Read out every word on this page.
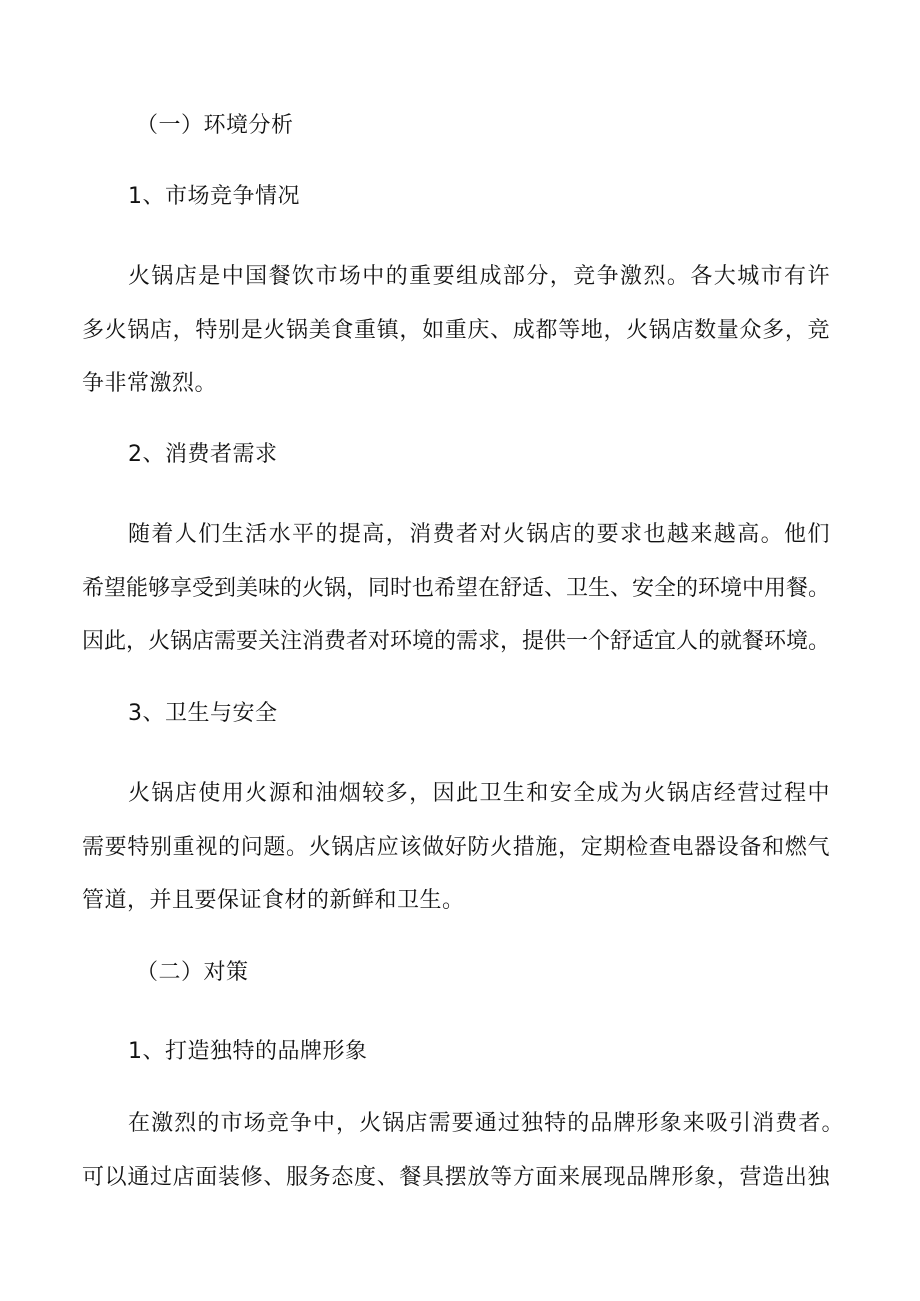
（一）环境分析
1、市场竞争情况
火锅店是中国餐饮市场中的重要组成部分，竞争激烈。各大城市有许
多火锅店，特别是火锅美食重镇，如重庆、成都等地，火锅店数量众多，竞
争非常激烈。
2、消费者需求
随着人们生活水平的提高，消费者对火锅店的要求也越来越高。他们
希望能够享受到美味的火锅，同时也希望在舒适、卫生、安全的环境中用餐。
因此，火锅店需要关注消费者对环境的需求，提供一个舒适宜人的就餐环境。
3、卫生与安全
火锅店使用火源和油烟较多，因此卫生和安全成为火锅店经营过程中
需要特别重视的问题。火锅店应该做好防火措施，定期检查电器设备和燃气
管道，并且要保证食材的新鲜和卫生。
（二）对策
1、打造独特的品牌形象
在激烈的市场竞争中，火锅店需要通过独特的品牌形象来吸引消费者。
可以通过店面装修、服务态度、餐具摆放等方面来展现品牌形象，营造出独
